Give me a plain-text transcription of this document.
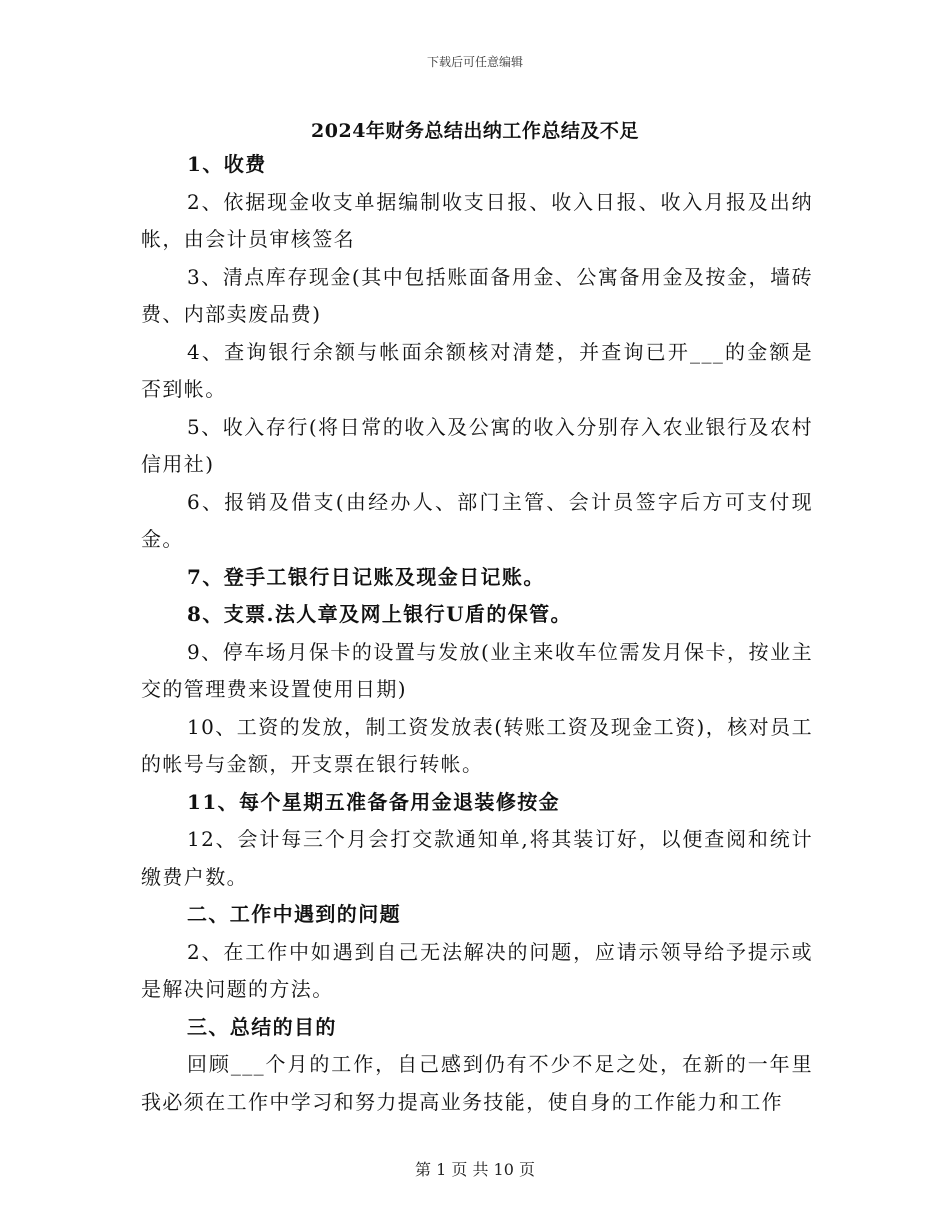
下载后可任意编辑
2024年财务总结出纳工作总结及不足

1、收费

2、依据现金收支单据编制收支日报、收入日报、收入月报及出纳帐，由会计员审核签名

3、清点库存现金(其中包括账面备用金、公寓备用金及按金，墙砖费、内部卖废品费)

4、查询银行余额与帐面余额核对清楚，并查询已开___的金额是否到帐。

5、收入存行(将日常的收入及公寓的收入分别存入农业银行及农村信用社)

6、报销及借支(由经办人、部门主管、会计员签字后方可支付现金。

7、登手工银行日记账及现金日记账。

8、支票.法人章及网上银行U盾的保管。

9、停车场月保卡的设置与发放(业主来收车位需发月保卡，按业主交的管理费来设置使用日期)

10、工资的发放，制工资发放表(转账工资及现金工资)，核对员工的帐号与金额，开支票在银行转帐。

11、每个星期五准备备用金退装修按金

12、会计每三个月会打交款通知单,将其装订好，以便查阅和统计缴费户数。

二、工作中遇到的问题

2、在工作中如遇到自己无法解决的问题，应请示领导给予提示或是解决问题的方法。

三、总结的目的

回顾___个月的工作，自己感到仍有不少不足之处，在新的一年里我必须在工作中学习和努力提高业务技能，使自身的工作能力和工作

第 1 页 共 10 页
